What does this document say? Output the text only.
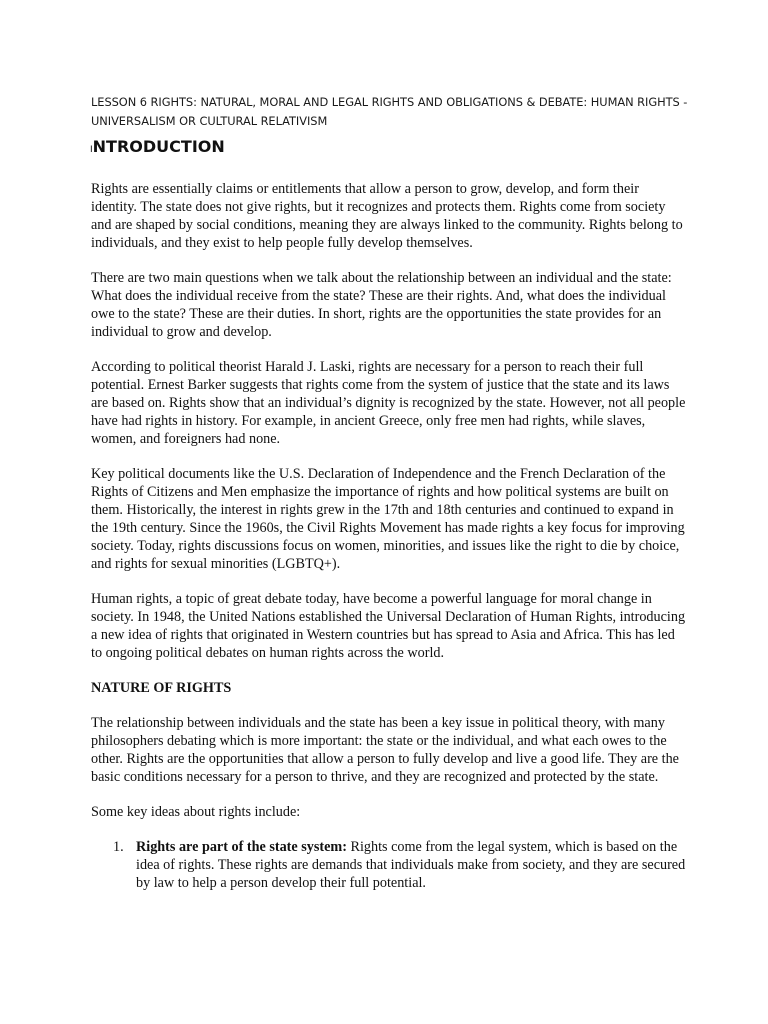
LESSON 6 RIGHTS: NATURAL, MORAL AND LEGAL RIGHTS AND OBLIGATIONS & DEBATE: HUMAN RIGHTS - UNIVERSALISM OR CULTURAL RELATIVISM
INTRODUCTION

Rights are essentially claims or entitlements that allow a person to grow, develop, and form their identity. The state does not give rights, but it recognizes and protects them. Rights come from society and are shaped by social conditions, meaning they are always linked to the community. Rights belong to individuals, and they exist to help people fully develop themselves.

There are two main questions when we talk about the relationship between an individual and the state: What does the individual receive from the state? These are their rights. And, what does the individual owe to the state? These are their duties. In short, rights are the opportunities the state provides for an individual to grow and develop.

According to political theorist Harald J. Laski, rights are necessary for a person to reach their full potential. Ernest Barker suggests that rights come from the system of justice that the state and its laws are based on. Rights show that an individual’s dignity is recognized by the state. However, not all people have had rights in history. For example, in ancient Greece, only free men had rights, while slaves, women, and foreigners had none.

Key political documents like the U.S. Declaration of Independence and the French Declaration of the Rights of Citizens and Men emphasize the importance of rights and how political systems are built on them. Historically, the interest in rights grew in the 17th and 18th centuries and continued to expand in the 19th century. Since the 1960s, the Civil Rights Movement has made rights a key focus for improving society. Today, rights discussions focus on women, minorities, and issues like the right to die by choice, and rights for sexual minorities (LGBTQ+).

Human rights, a topic of great debate today, have become a powerful language for moral change in society. In 1948, the United Nations established the Universal Declaration of Human Rights, introducing a new idea of rights that originated in Western countries but has spread to Asia and Africa. This has led to ongoing political debates on human rights across the world.

NATURE OF RIGHTS

The relationship between individuals and the state has been a key issue in political theory, with many philosophers debating which is more important: the state or the individual, and what each owes to the other. Rights are the opportunities that allow a person to fully develop and live a good life. They are the basic conditions necessary for a person to thrive, and they are recognized and protected by the state.

Some key ideas about rights include:

1. Rights are part of the state system: Rights come from the legal system, which is based on the idea of rights. These rights are demands that individuals make from society, and they are secured by law to help a person develop their full potential.
